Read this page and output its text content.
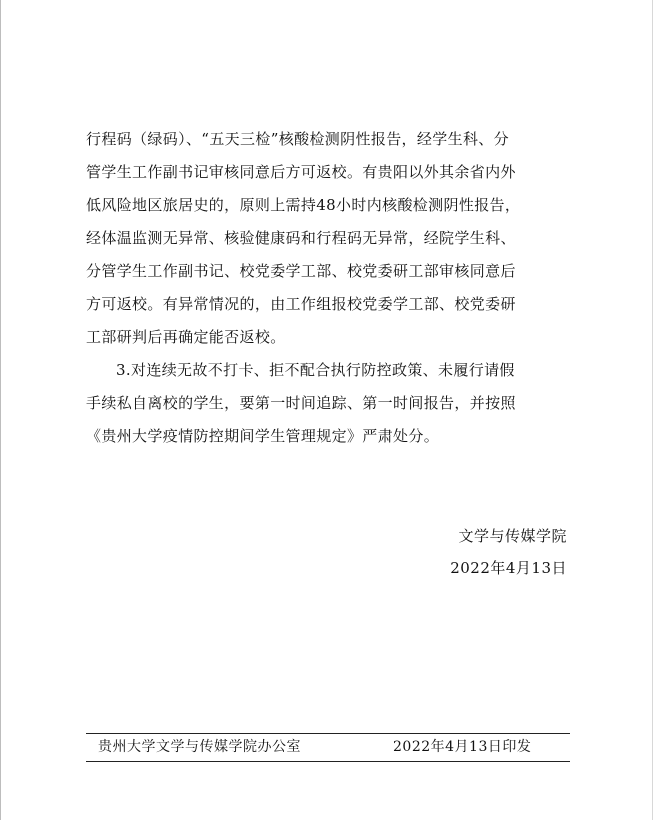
行程码（绿码）、“五天三检”核酸检测阴性报告，经学生科、分
管学生工作副书记审核同意后方可返校。有贵阳以外其余省内外
低风险地区旅居史的，原则上需持48小时内核酸检测阴性报告，
经体温监测无异常、核验健康码和行程码无异常，经院学生科、
分管学生工作副书记、校党委学工部、校党委研工部审核同意后
方可返校。有异常情况的，由工作组报校党委学工部、校党委研
工部研判后再确定能否返校。
3.对连续无故不打卡、拒不配合执行防控政策、未履行请假
手续私自离校的学生，要第一时间追踪、第一时间报告，并按照
《贵州大学疫情防控期间学生管理规定》严肃处分。
文学与传媒学院
2022年4月13日
贵州大学文学与传媒学院办公室	2022年4月13日印发
